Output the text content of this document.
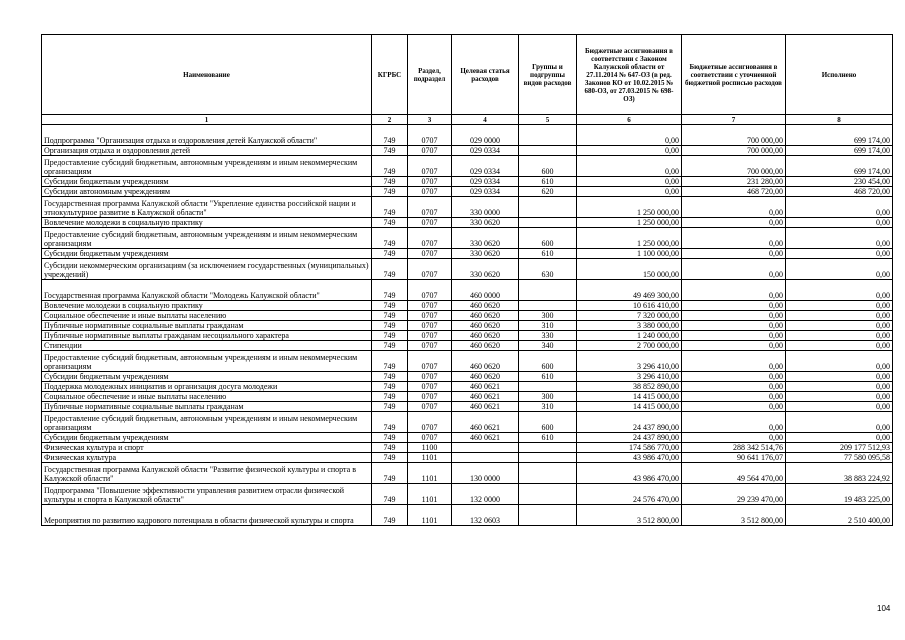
Наименование	КГРБС	Раздел, подраздел	Целевая статья расходов	Группы и подгруппы видов расходов	Бюджетные ассигнования в соответствии с Законом Калужской области от 27.11.2014 № 647-ОЗ (в ред. Законов КО от 10.02.2015 № 680-ОЗ, от 27.03.2015 № 698-ОЗ)	Бюджетные ассигнования в соответствии с уточненной бюджетной росписью расходов	Исполнено
1	2	3	4	5	6	7	8
Подпрограмма "Организация отдыха и оздоровления детей Калужской области"	749	0707	029 0000		0,00	700 000,00	699 174,00
Организация отдыха и оздоровления детей	749	0707	029 0334		0,00	700 000,00	699 174,00
Предоставление субсидий бюджетным, автономным учреждениям и иным некоммерческим организациям	749	0707	029 0334	600	0,00	700 000,00	699 174,00
Субсидии бюджетным учреждениям	749	0707	029 0334	610	0,00	231 280,00	230 454,00
Субсидии автономным учреждениям	749	0707	029 0334	620	0,00	468 720,00	468 720,00
Государственная программа Калужской области "Укрепление единства российской нации и этнокультурное развитие в Калужской области"	749	0707	330 0000		1 250 000,00	0,00	0,00
Вовлечение молодежи в социальную практику	749	0707	330 0620		1 250 000,00	0,00	0,00
Предоставление субсидий бюджетным, автономным учреждениям и иным некоммерческим организациям	749	0707	330 0620	600	1 250 000,00	0,00	0,00
Субсидии бюджетным учреждениям	749	0707	330 0620	610	1 100 000,00	0,00	0,00
Субсидии некоммерческим организациям (за исключением государственных (муниципальных) учреждений)	749	0707	330 0620	630	150 000,00	0,00	0,00
Государственная программа Калужской области "Молодежь Калужской области"	749	0707	460 0000		49 469 300,00	0,00	0,00
Вовлечение молодежи в социальную практику	749	0707	460 0620		10 616 410,00	0,00	0,00
Социальное обеспечение и иные выплаты населению	749	0707	460 0620	300	7 320 000,00	0,00	0,00
Публичные нормативные социальные выплаты гражданам	749	0707	460 0620	310	3 380 000,00	0,00	0,00
Публичные нормативные выплаты гражданам несоциального характера	749	0707	460 0620	330	1 240 000,00	0,00	0,00
Стипендии	749	0707	460 0620	340	2 700 000,00	0,00	0,00
Предоставление субсидий бюджетным, автономным учреждениям и иным некоммерческим организациям	749	0707	460 0620	600	3 296 410,00	0,00	0,00
Субсидии бюджетным учреждениям	749	0707	460 0620	610	3 296 410,00	0,00	0,00
Поддержка молодежных инициатив и организация досуга молодежи	749	0707	460 0621		38 852 890,00	0,00	0,00
Социальное обеспечение и иные выплаты населению	749	0707	460 0621	300	14 415 000,00	0,00	0,00
Публичные нормативные социальные выплаты гражданам	749	0707	460 0621	310	14 415 000,00	0,00	0,00
Предоставление субсидий бюджетным, автономным учреждениям и иным некоммерческим организациям	749	0707	460 0621	600	24 437 890,00	0,00	0,00
Субсидии бюджетным учреждениям	749	0707	460 0621	610	24 437 890,00	0,00	0,00
Физическая культура и спорт	749	1100			174 586 770,00	288 342 514,76	209 177 512,93
Физическая культура	749	1101			43 986 470,00	90 641 176,07	77 580 095,58
Государственная программа Калужской области "Развитие физической культуры и спорта в Калужской области"	749	1101	130 0000		43 986 470,00	49 564 470,00	38 883 224,92
Подпрограмма "Повышение эффективности управления развитием отрасли физической культуры и спорта в Калужской области"	749	1101	132 0000		24 576 470,00	29 239 470,00	19 483 225,00
Мероприятия по развитию кадрового потенциала в области физической культуры и спорта	749	1101	132 0603		3 512 800,00	3 512 800,00	2 510 400,00
104
